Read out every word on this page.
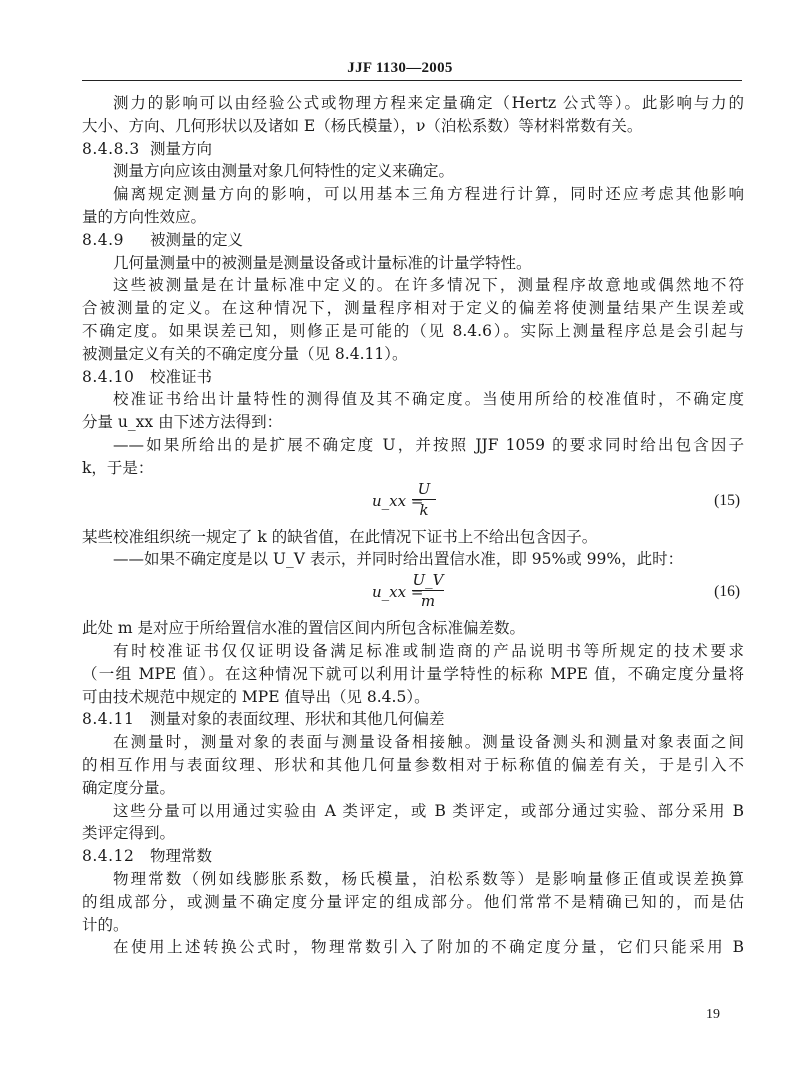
JJF 1130—2005
测力的影响可以由经验公式或物理方程来定量确定（Hertz 公式等）。此影响与力的
大小、方向、几何形状以及诸如 E（杨氏模量），ν（泊松系数）等材料常数有关。
8.4.8.3 测量方向
测量方向应该由测量对象几何特性的定义来确定。
偏离规定测量方向的影响，可以用基本三角方程进行计算，同时还应考虑其他影响
量的方向性效应。
8.4.9 被测量的定义
几何量测量中的被测量是测量设备或计量标准的计量学特性。
这些被测量是在计量标准中定义的。在许多情况下，测量程序故意地或偶然地不符
合被测量的定义。在这种情况下，测量程序相对于定义的偏差将使测量结果产生误差或
不确定度。如果误差已知，则修正是可能的（见 8.4.6）。实际上测量程序总是会引起与
被测量定义有关的不确定度分量（见 8.4.11）。
8.4.10 校准证书
校准证书给出计量特性的测得值及其不确定度。当使用所给的校准值时，不确定度
分量 u_xx 由下述方法得到：
——如果所给出的是扩展不确定度 U，并按照 JJF 1059 的要求同时给出包含因子
k，于是：
u_xx =
U
k
(15)
某些校准组织统一规定了 k 的缺省值，在此情况下证书上不给出包含因子。
——如果不确定度是以 U_V 表示，并同时给出置信水准，即 95%或 99%，此时：
u_xx =
U_V
m
(16)
此处 m 是对应于所给置信水准的置信区间内所包含标准偏差数。
有时校准证书仅仅证明设备满足标准或制造商的产品说明书等所规定的技术要求
（一组 MPE 值）。在这种情况下就可以利用计量学特性的标称 MPE 值，不确定度分量将
可由技术规范中规定的 MPE 值导出（见 8.4.5）。
8.4.11 测量对象的表面纹理、形状和其他几何偏差
在测量时，测量对象的表面与测量设备相接触。测量设备测头和测量对象表面之间
的相互作用与表面纹理、形状和其他几何量参数相对于标称值的偏差有关，于是引入不
确定度分量。
这些分量可以用通过实验由 A 类评定，或 B 类评定，或部分通过实验、部分采用 B
类评定得到。
8.4.12 物理常数
物理常数（例如线膨胀系数，杨氏模量，泊松系数等）是影响量修正值或误差换算
的组成部分，或测量不确定度分量评定的组成部分。他们常常不是精确已知的，而是估
计的。
在使用上述转换公式时，物理常数引入了附加的不确定度分量，它们只能采用 B
19
